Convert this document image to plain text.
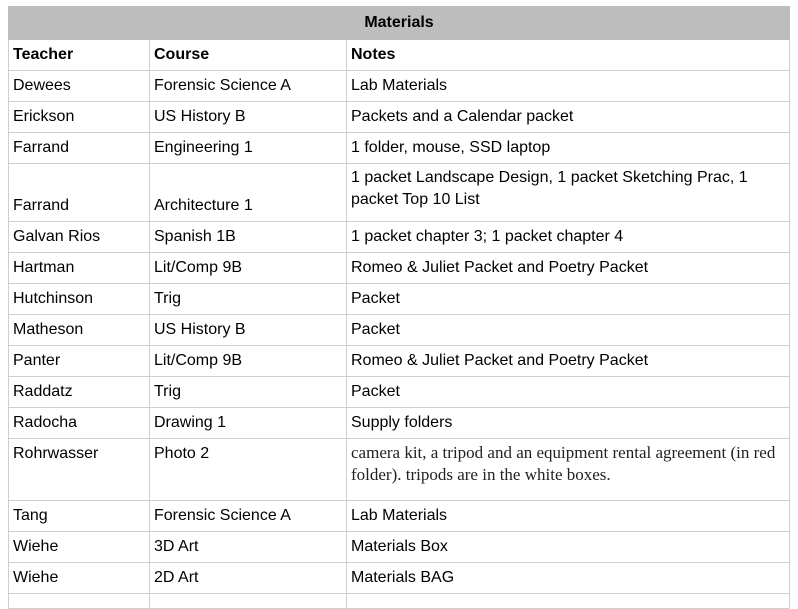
Materials		
Teacher	Course	Notes
Dewees	Forensic Science A	Lab Materials
Erickson	US History B	Packets and a Calendar packet
Farrand	Engineering 1	1 folder, mouse, SSD laptop
Farrand	Architecture 1	1 packet Landscape Design, 1 packet Sketching Prac, 1 packet Top 10 List
Galvan Rios	Spanish 1B	1 packet chapter 3; 1 packet chapter 4
Hartman	Lit/Comp 9B	Romeo & Juliet Packet and Poetry Packet
Hutchinson	Trig	Packet
Matheson	US History B	Packet
Panter	Lit/Comp 9B	Romeo & Juliet Packet and Poetry Packet
Raddatz	Trig	Packet
Radocha	Drawing 1	Supply folders
Rohrwasser	Photo 2	camera kit, a tripod and an equipment rental agreement (in red folder). tripods are in the white boxes.
Tang	Forensic Science A	Lab Materials
Wiehe	3D Art	Materials Box
Wiehe	2D Art	Materials BAG
